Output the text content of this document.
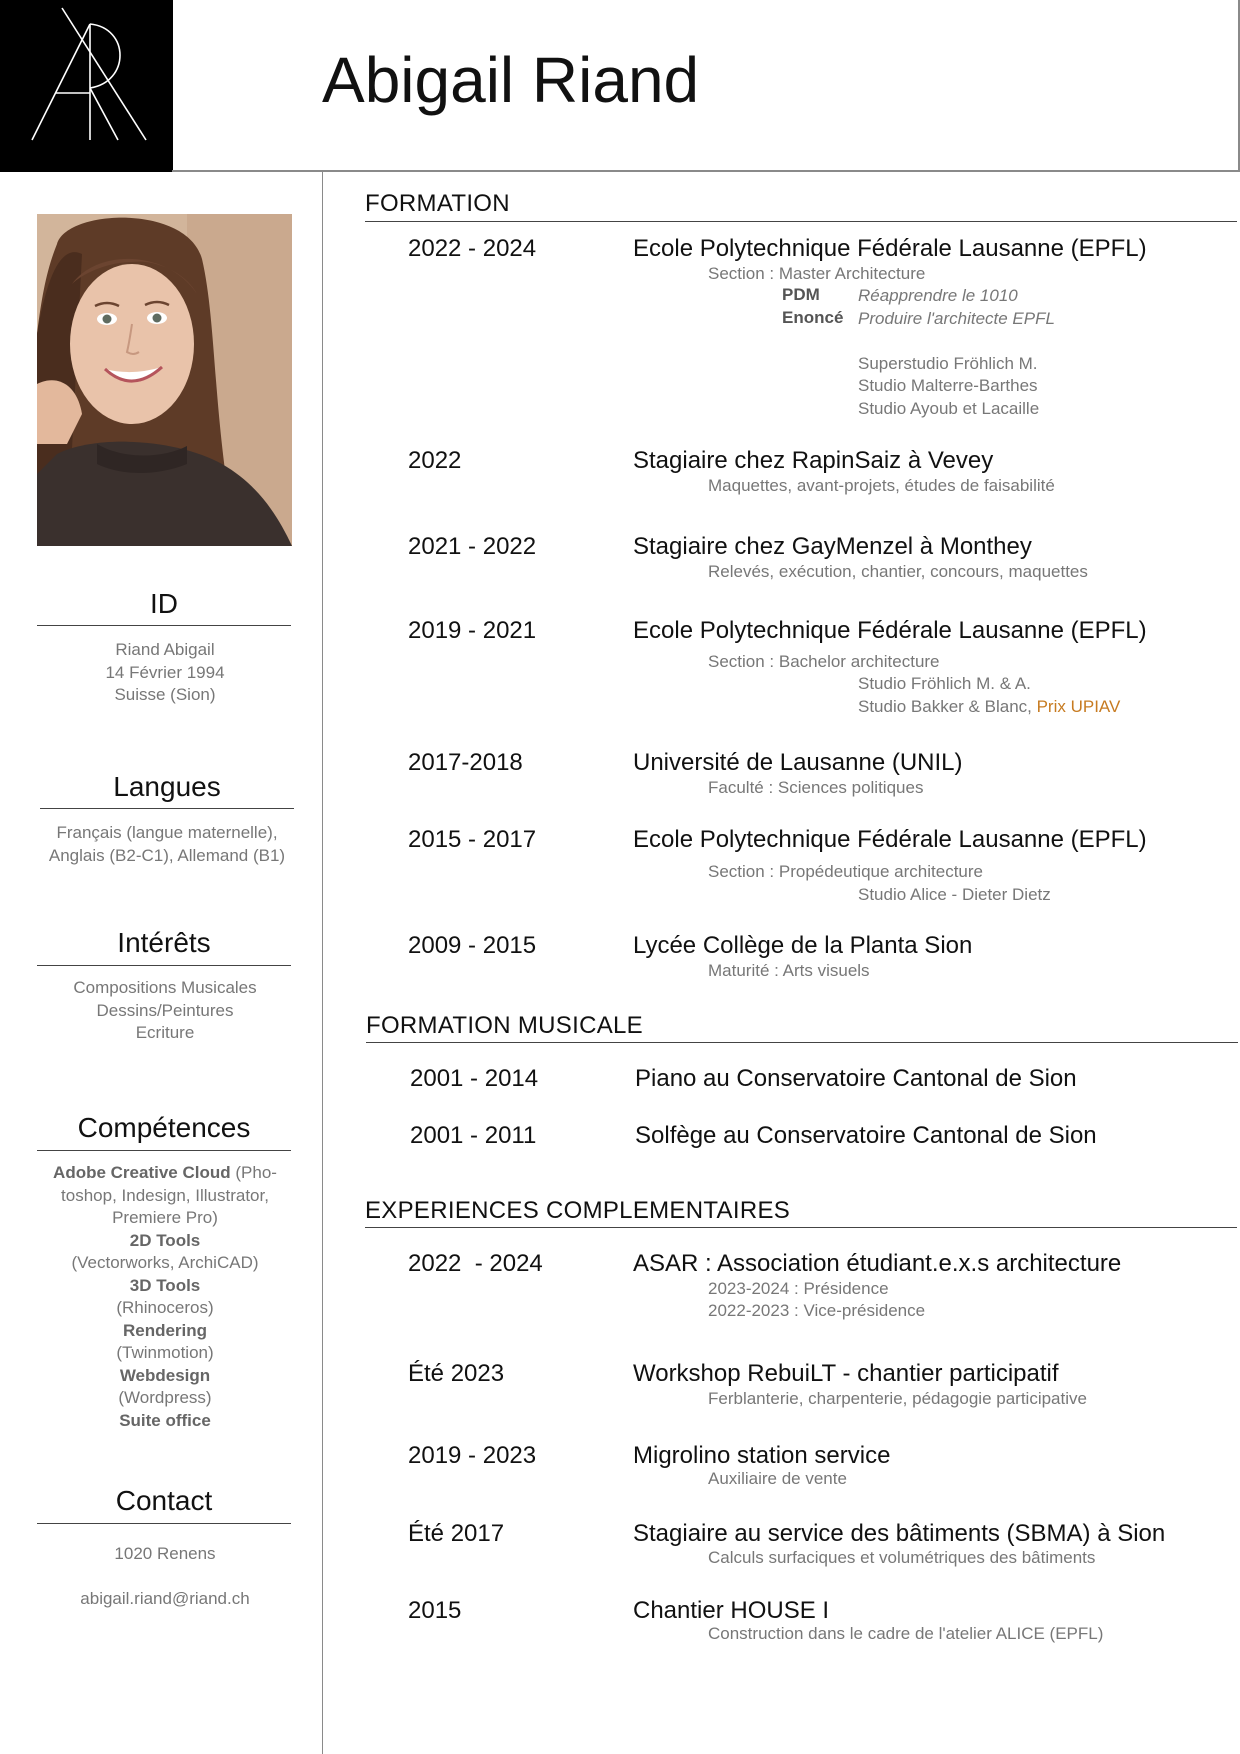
Abigail Riand
ID
Riand Abigail
14 Février 1994
Suisse (Sion)
Langues
Français (langue maternelle),
Anglais (B2-C1), Allemand (B1)
Intérêts
Compositions Musicales
Dessins/Peintures
Ecriture
Compétences
Adobe Creative Cloud (Pho-
toshop, Indesign, Illustrator,
Premiere Pro)
2D Tools
(Vectorworks, ArchiCAD)
3D Tools
(Rhinoceros)
Rendering
(Twinmotion)
Webdesign
(Wordpress)
Suite office
Contact
1020 Renens
abigail.riand@riand.ch
FORMATION
2022 - 2024	Ecole Polytechnique Fédérale Lausanne (EPFL)
Section : Master Architecture
PDM Réapprendre le 1010
Enoncé Produire l'architecte EPFL
Superstudio Fröhlich M.
Studio Malterre-Barthes
Studio Ayoub et Lacaille
2022	Stagiaire chez RapinSaiz à Vevey
Maquettes, avant-projets, études de faisabilité
2021 - 2022	Stagiaire chez GayMenzel à Monthey
Relevés, exécution, chantier, concours, maquettes
2019 - 2021	Ecole Polytechnique Fédérale Lausanne (EPFL)
Section : Bachelor architecture
Studio Fröhlich M. & A.
Studio Bakker & Blanc, Prix UPIAV
2017-2018	Université de Lausanne (UNIL)
Faculté : Sciences politiques
2015 - 2017	Ecole Polytechnique Fédérale Lausanne (EPFL)
Section : Propédeutique architecture
Studio Alice - Dieter Dietz
2009 - 2015	Lycée Collège de la Planta Sion
Maturité : Arts visuels
FORMATION MUSICALE
2001 - 2014	Piano au Conservatoire Cantonal de Sion
2001 - 2011	Solfège au Conservatoire Cantonal de Sion
EXPERIENCES COMPLEMENTAIRES
2022  - 2024	ASAR : Association étudiant.e.x.s architecture
2023-2024 : Présidence
2022-2023 : Vice-présidence
Été 2023	Workshop RebuiLT - chantier participatif
Ferblanterie, charpenterie, pédagogie participative
2019 - 2023	Migrolino station service
Auxiliaire de vente
Été 2017	Stagiaire au service des bâtiments (SBMA) à Sion
Calculs surfaciques et volumétriques des bâtiments
2015	Chantier HOUSE I
Construction dans le cadre de l'atelier ALICE (EPFL)
